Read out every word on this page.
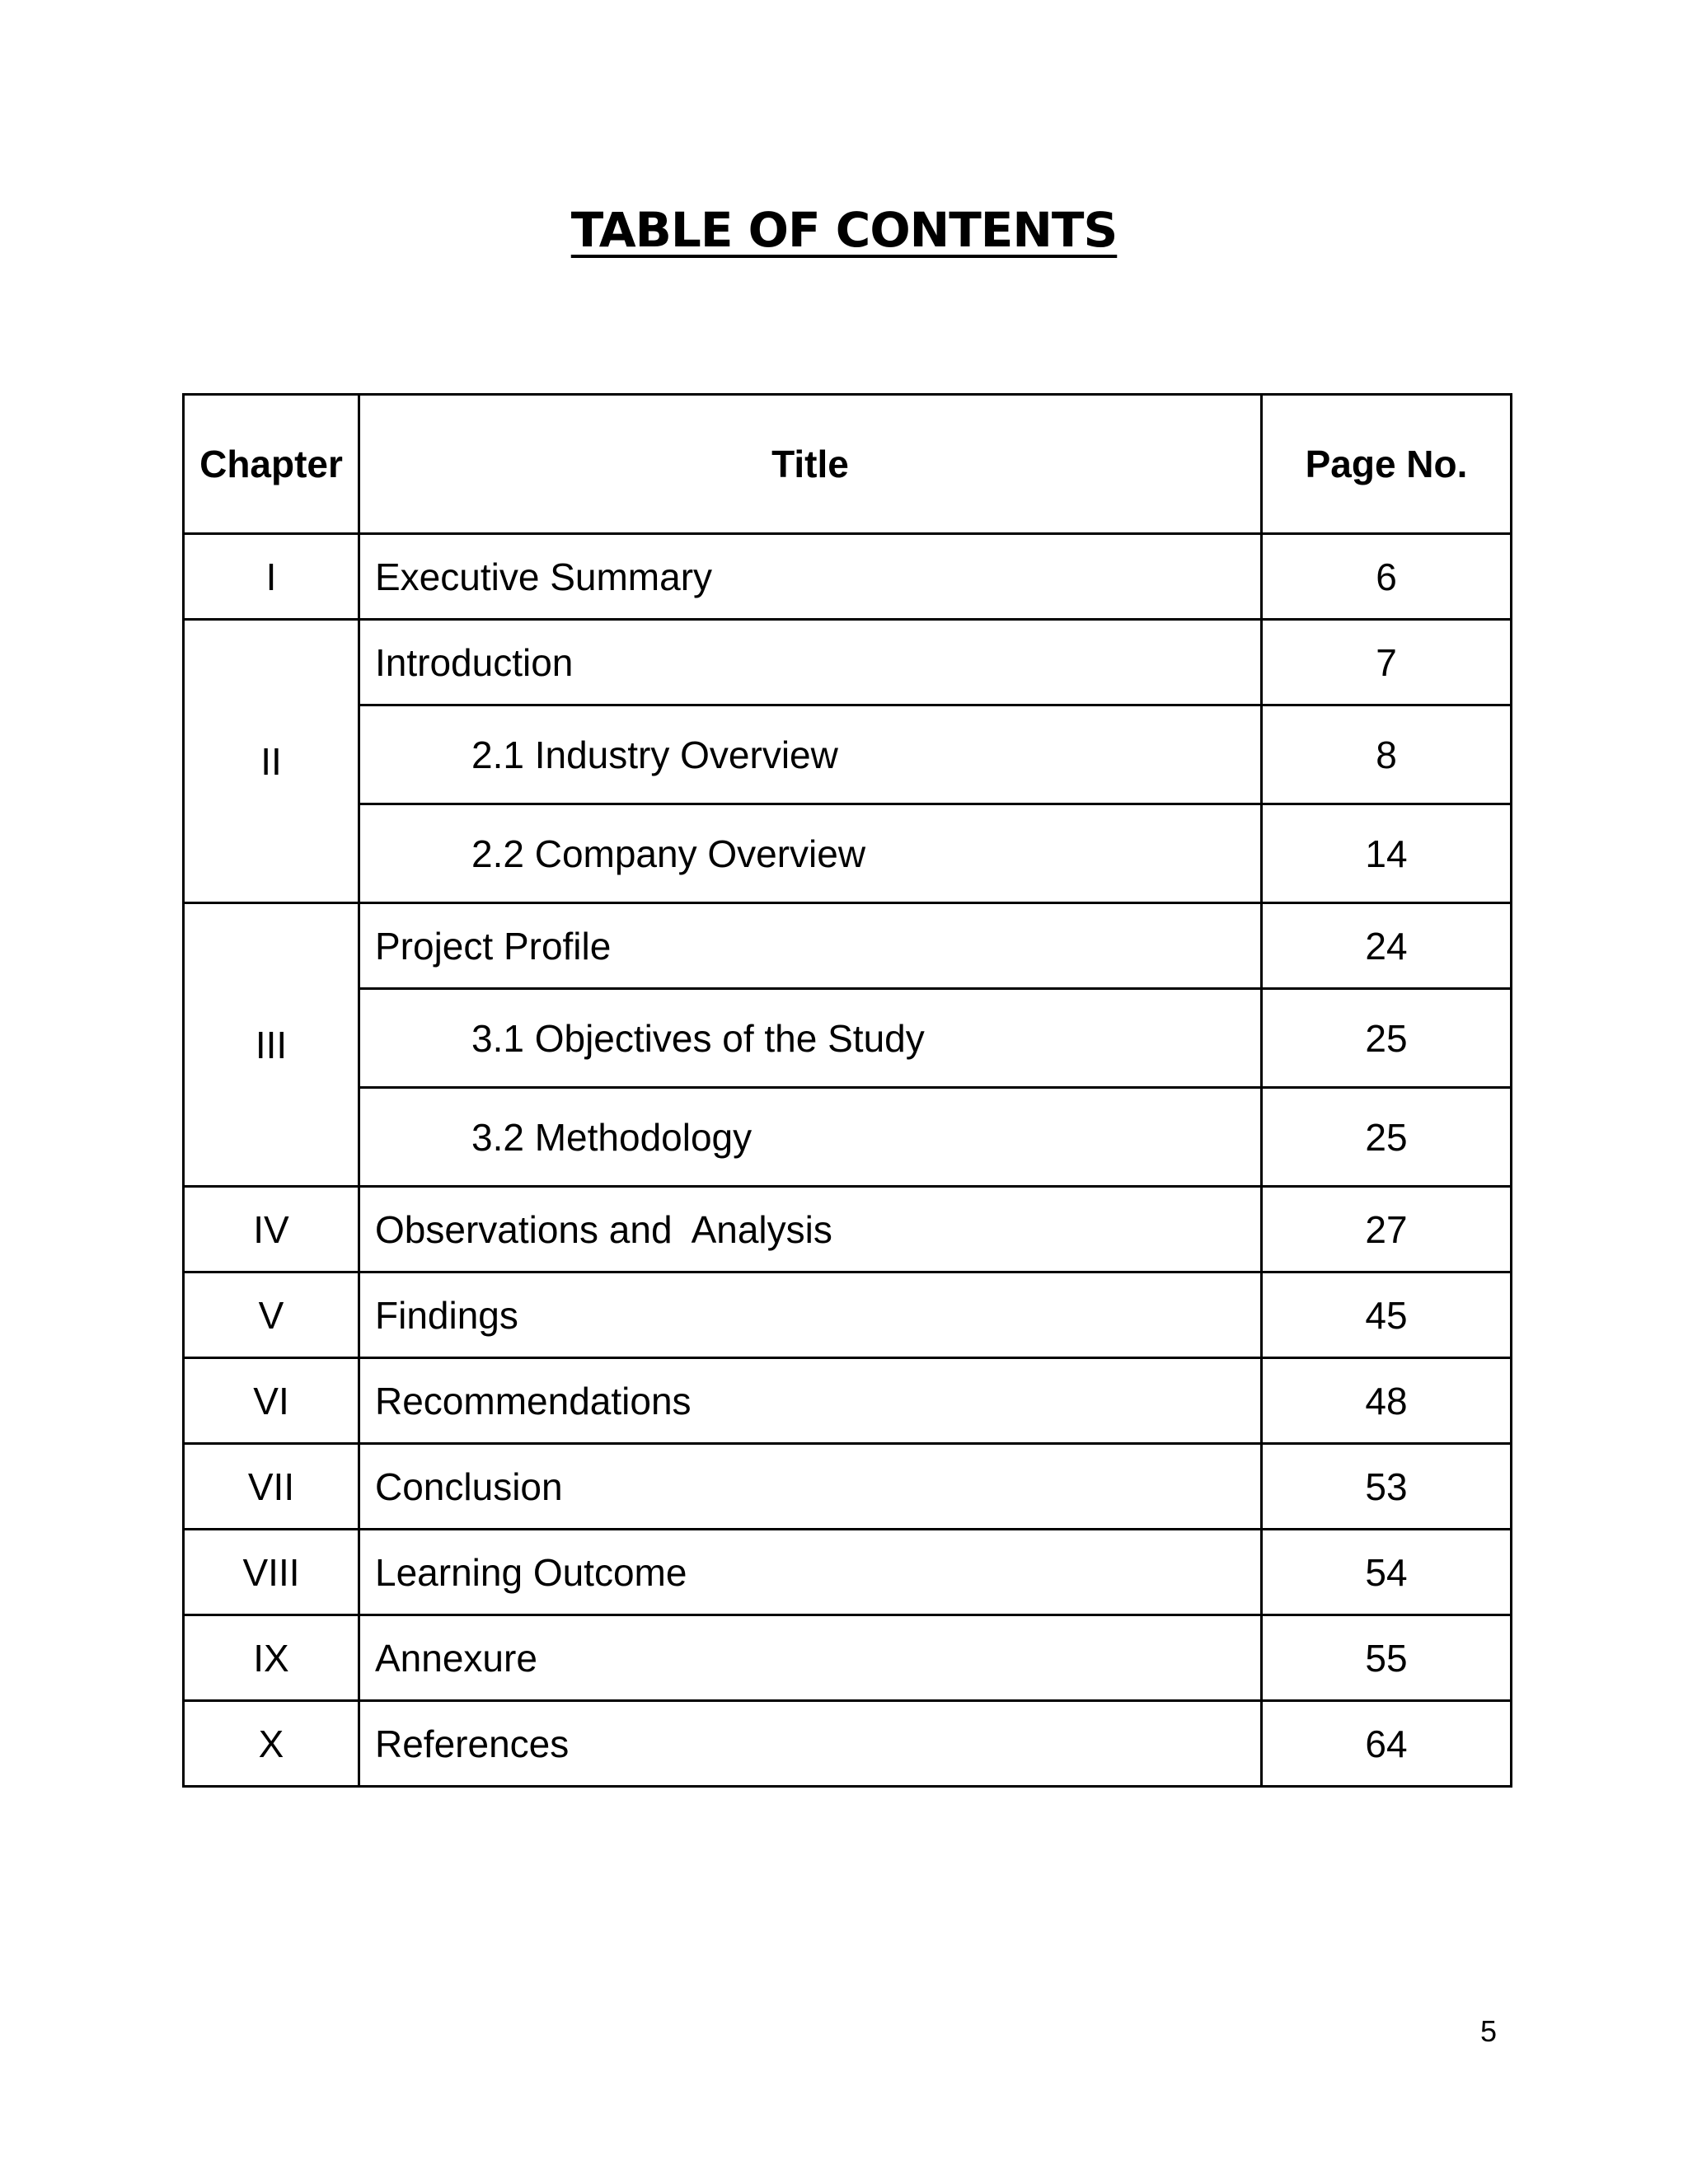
TABLE OF CONTENTS
Chapter	Title	Page No.
I	Executive Summary	6
II	Introduction	7
	2.1 Industry Overview	8
	2.2 Company Overview	14
III	Project Profile	24
	3.1 Objectives of the Study	25
	3.2 Methodology	25
IV	Observations and  Analysis	27
V	Findings	45
VI	Recommendations	48
VII	Conclusion	53
VIII	Learning Outcome	54
IX	Annexure	55
X	References	64
5
